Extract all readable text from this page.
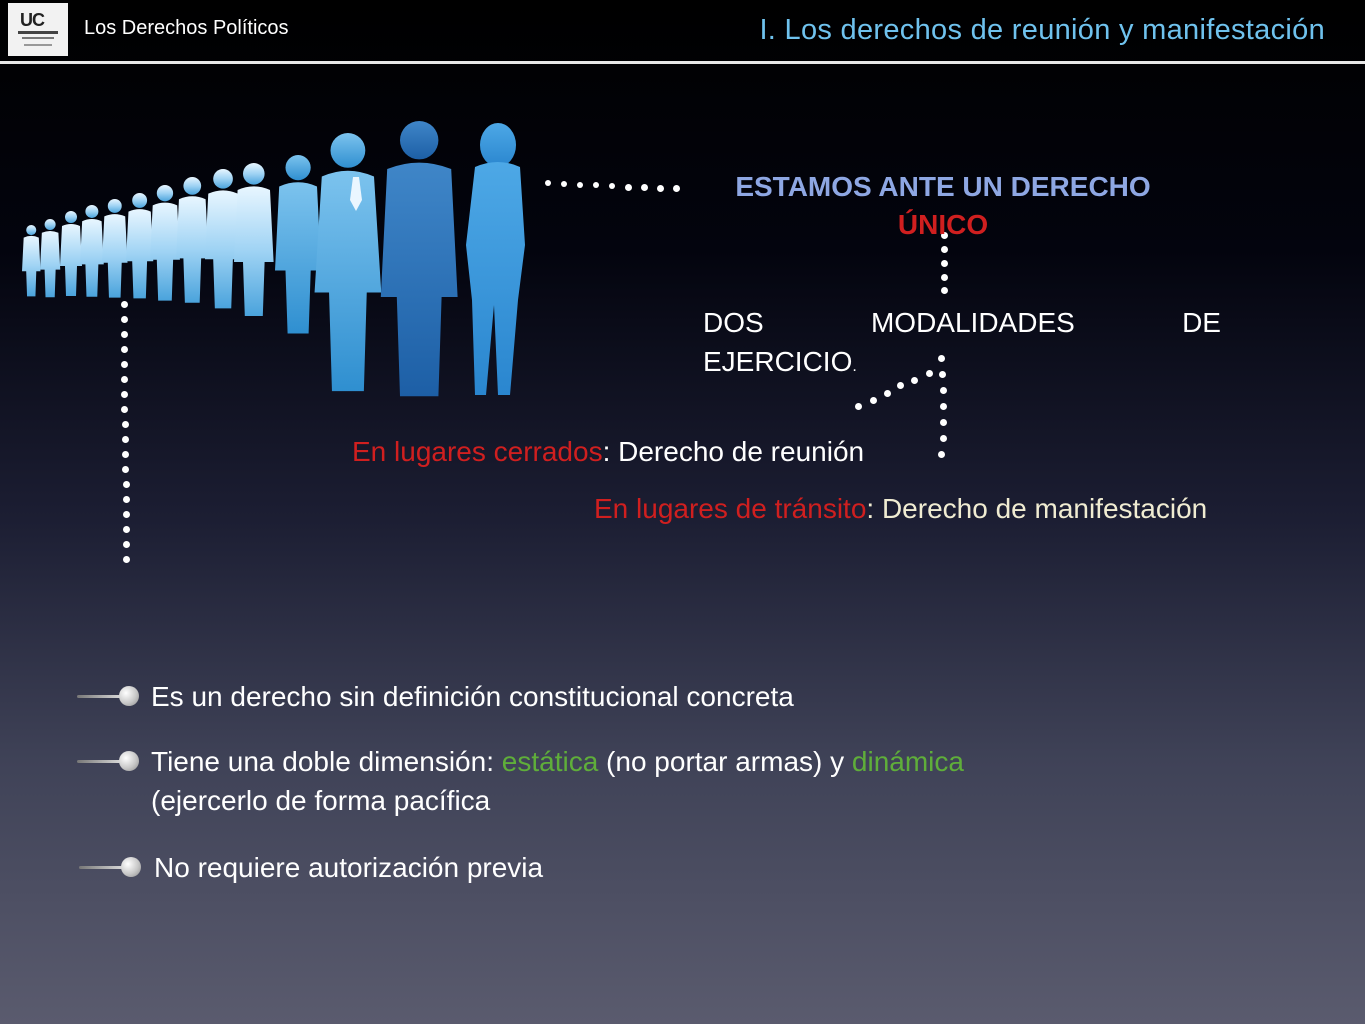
UC Los Derechos Políticos	I. Los derechos de reunión y manifestación
ESTAMOS ANTE UN DERECHO
ÚNICO
DOS	MODALIDADES	DE
EJERCICIO.
En lugares cerrados: Derecho de reunión
En lugares de tránsito: Derecho de manifestación
Es un derecho sin definición constitucional concreta
Tiene una doble dimensión: estática (no portar armas) y dinámica
(ejercerlo de forma pacífica
No requiere autorización previa
